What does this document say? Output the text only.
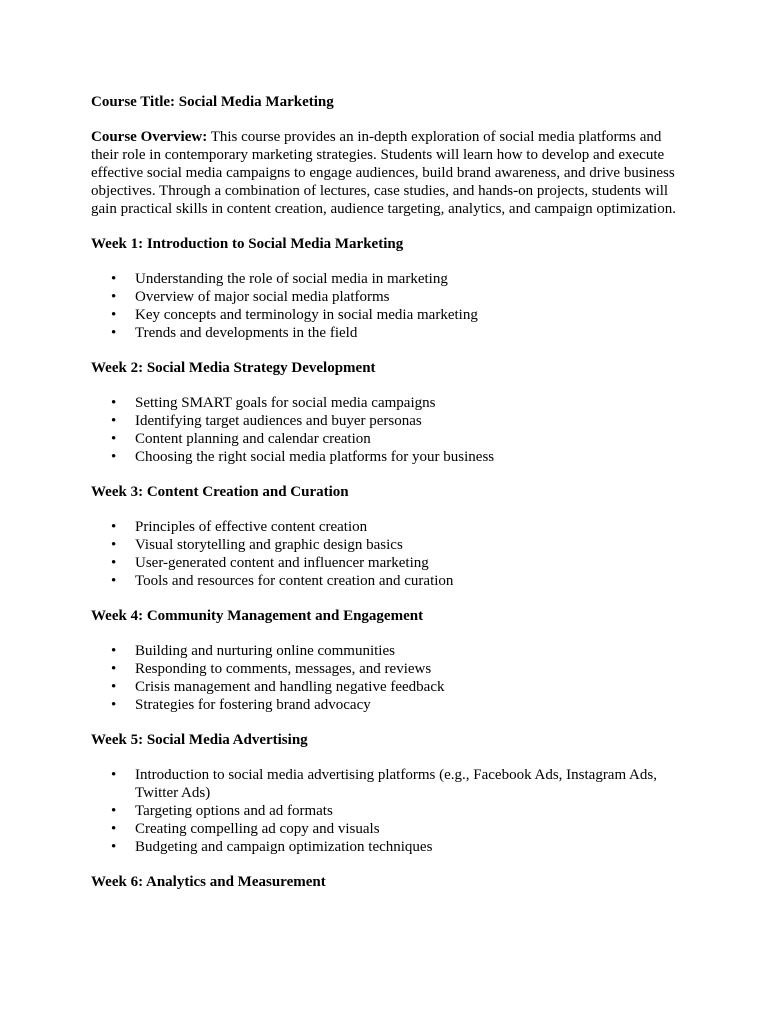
Course Title: Social Media Marketing

Course Overview: This course provides an in-depth exploration of social media platforms and their role in contemporary marketing strategies. Students will learn how to develop and execute effective social media campaigns to engage audiences, build brand awareness, and drive business objectives. Through a combination of lectures, case studies, and hands-on projects, students will gain practical skills in content creation, audience targeting, analytics, and campaign optimization.

Week 1: Introduction to Social Media Marketing

• Understanding the role of social media in marketing
• Overview of major social media platforms
• Key concepts and terminology in social media marketing
• Trends and developments in the field

Week 2: Social Media Strategy Development

• Setting SMART goals for social media campaigns
• Identifying target audiences and buyer personas
• Content planning and calendar creation
• Choosing the right social media platforms for your business

Week 3: Content Creation and Curation

• Principles of effective content creation
• Visual storytelling and graphic design basics
• User-generated content and influencer marketing
• Tools and resources for content creation and curation

Week 4: Community Management and Engagement

• Building and nurturing online communities
• Responding to comments, messages, and reviews
• Crisis management and handling negative feedback
• Strategies for fostering brand advocacy

Week 5: Social Media Advertising

• Introduction to social media advertising platforms (e.g., Facebook Ads, Instagram Ads, Twitter Ads)
• Targeting options and ad formats
• Creating compelling ad copy and visuals
• Budgeting and campaign optimization techniques

Week 6: Analytics and Measurement
